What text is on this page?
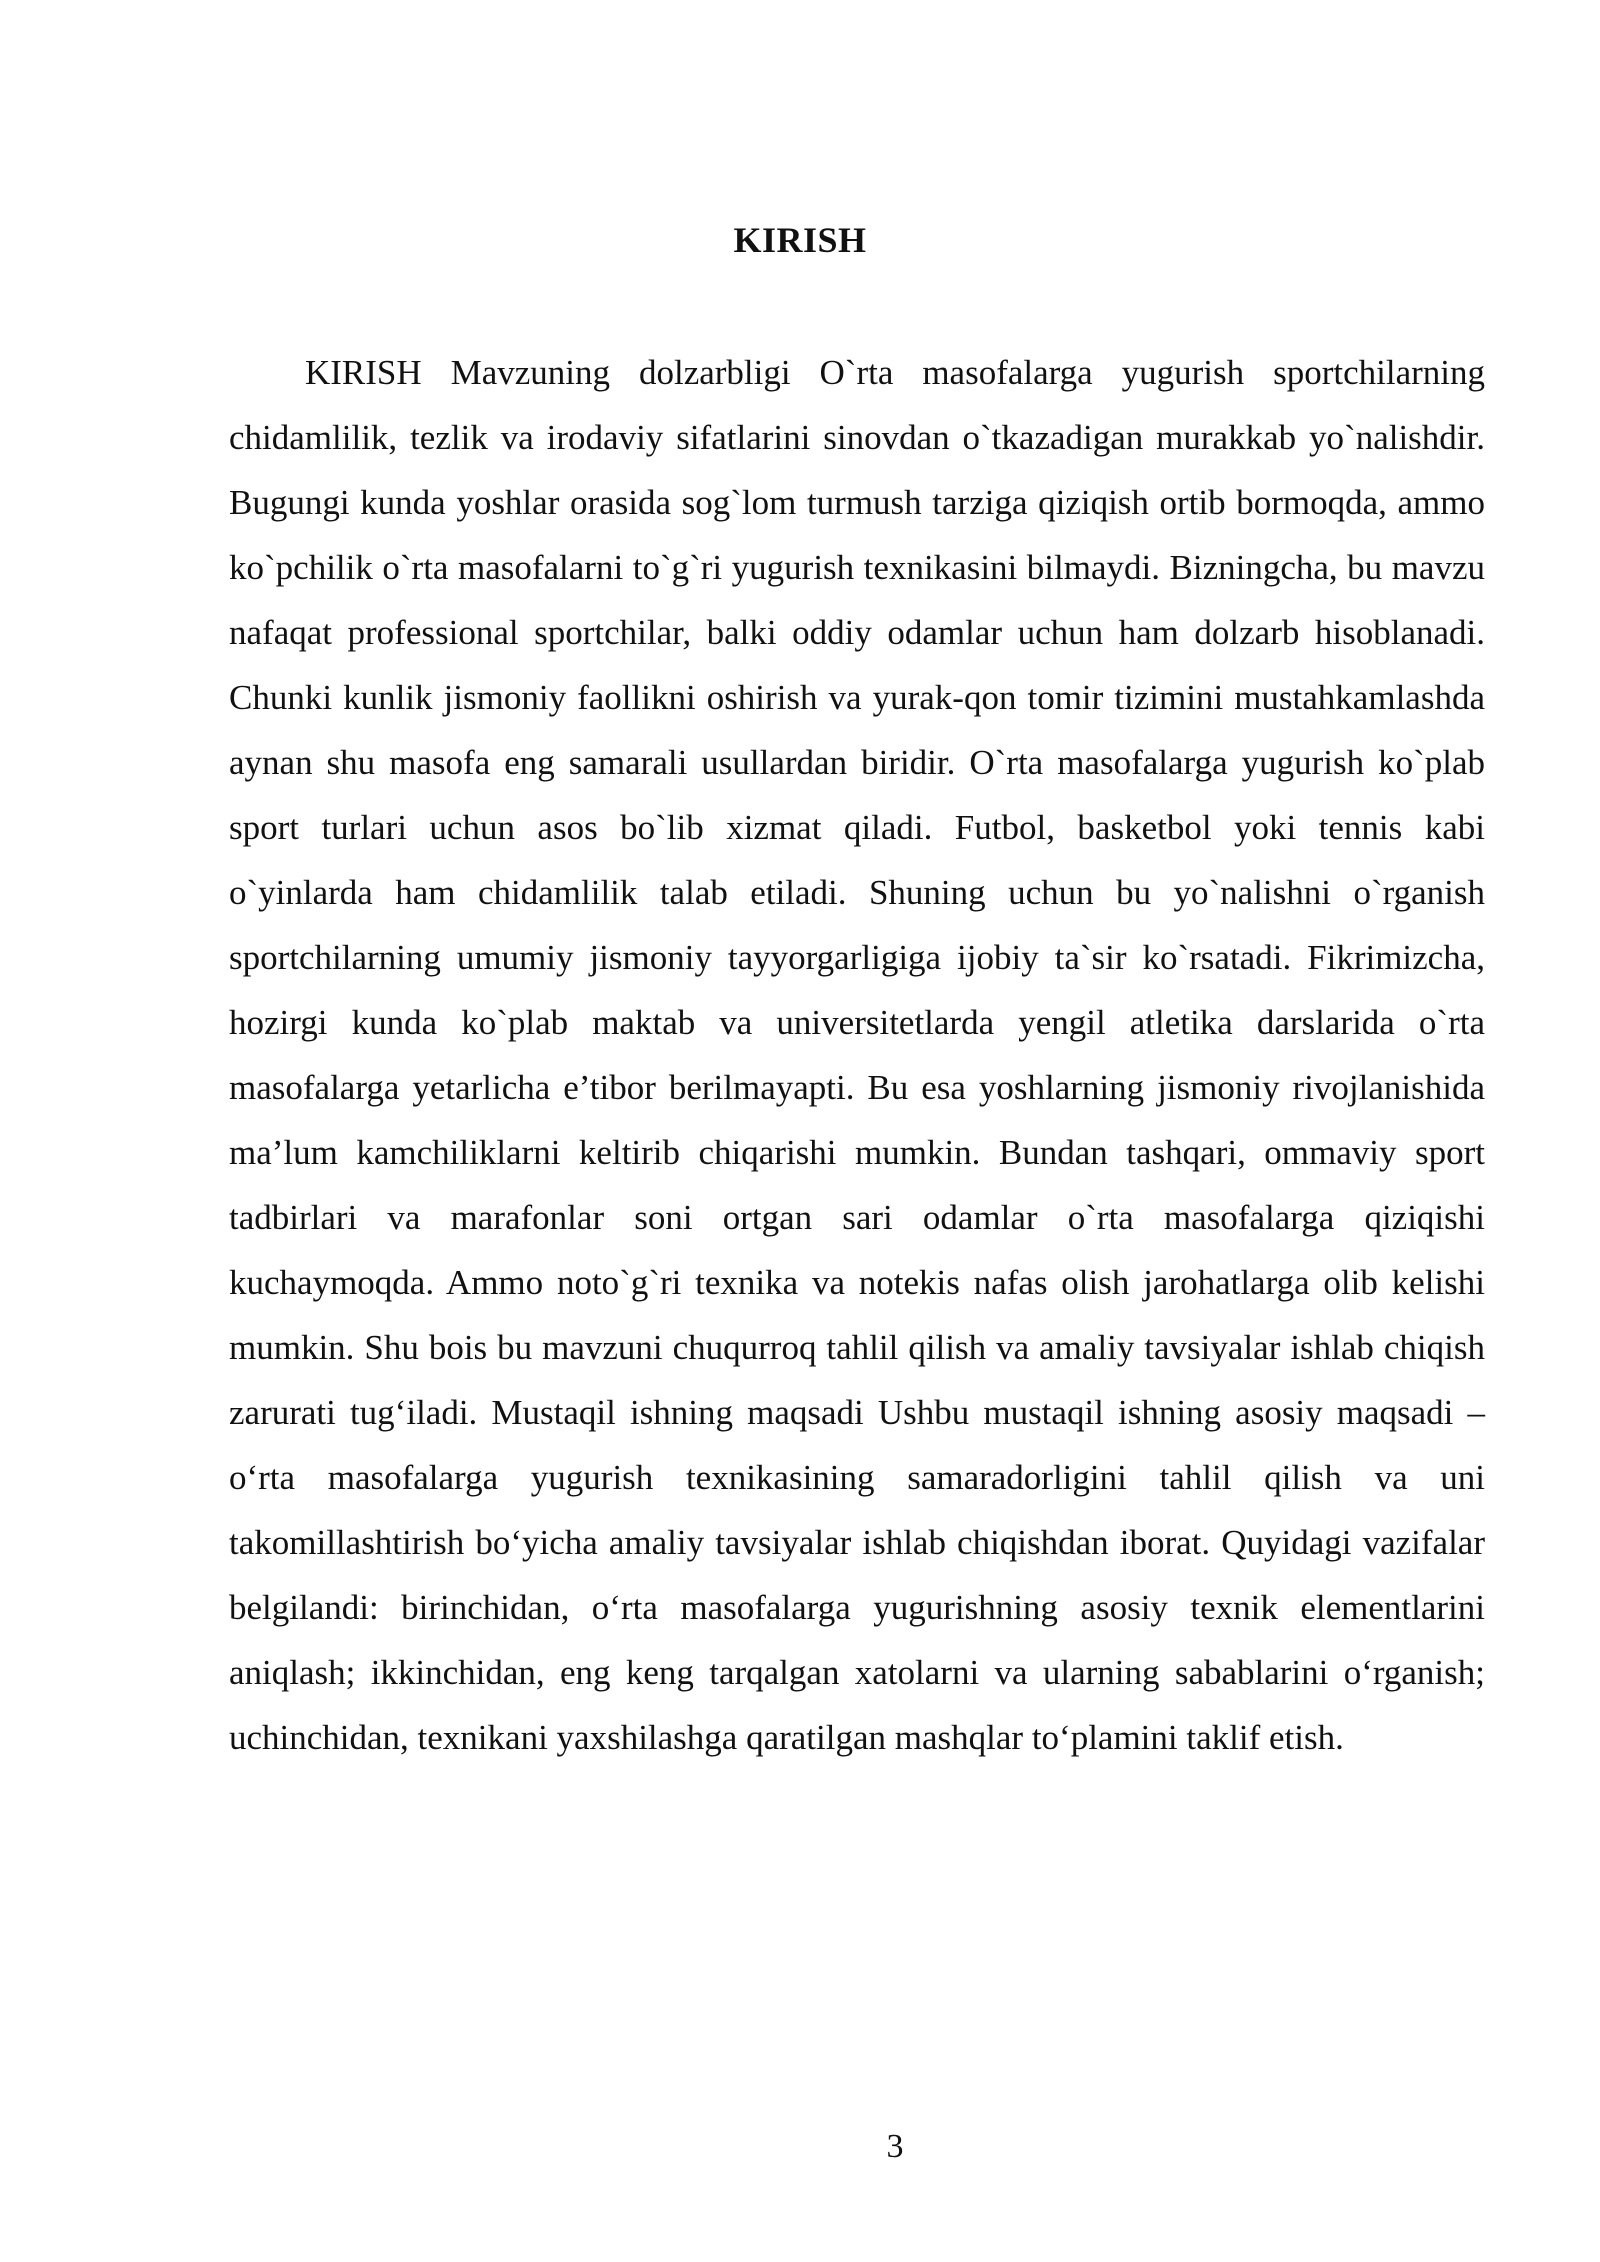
KIRISH

KIRISH Mavzuning dolzarbligi O`rta masofalarga yugurish sportchilarning chidamlilik, tezlik va irodaviy sifatlarini sinovdan o`tkazadigan murakkab yo`nalishdir. Bugungi kunda yoshlar orasida sog`lom turmush tarziga qiziqish ortib bormoqda, ammo ko`pchilik o`rta masofalarni to`g`ri yugurish texnikasini bilmaydi. Bizningcha, bu mavzu nafaqat professional sportchilar, balki oddiy odamlar uchun ham dolzarb hisoblanadi. Chunki kunlik jismoniy faollikni oshirish va yurak-qon tomir tizimini mustahkamlashda aynan shu masofa eng samarali usullardan biridir. O`rta masofalarga yugurish ko`plab sport turlari uchun asos bo`lib xizmat qiladi. Futbol, basketbol yoki tennis kabi o`yinlarda ham chidamlilik talab etiladi. Shuning uchun bu yo`nalishni o`rganish sportchilarning umumiy jismoniy tayyorgarligiga ijobiy ta`sir ko`rsatadi. Fikrimizcha, hozirgi kunda ko`plab maktab va universitetlarda yengil atletika darslarida o`rta masofalarga yetarlicha e’tibor berilmayapti. Bu esa yoshlarning jismoniy rivojlanishida ma’lum kamchiliklarni keltirib chiqarishi mumkin. Bundan tashqari, ommaviy sport tadbirlari va marafonlar soni ortgan sari odamlar o`rta masofalarga qiziqishi kuchaymoqda. Ammo noto`g`ri texnika va notekis nafas olish jarohatlarga olib kelishi mumkin. Shu bois bu mavzuni chuqurroq tahlil qilish va amaliy tavsiyalar ishlab chiqish zarurati tug‘iladi. Mustaqil ishning maqsadi Ushbu mustaqil ishning asosiy maqsadi – o‘rta masofalarga yugurish texnikasining samaradorligini tahlil qilish va uni takomillashtirish bo‘yicha amaliy tavsiyalar ishlab chiqishdan iborat. Quyidagi vazifalar belgilandi: birinchidan, o‘rta masofalarga yugurishning asosiy texnik elementlarini aniqlash; ikkinchidan, eng keng tarqalgan xatolarni va ularning sabablarini o‘rganish; uchinchidan, texnikani yaxshilashga qaratilgan mashqlar to‘plamini taklif etish.

3
